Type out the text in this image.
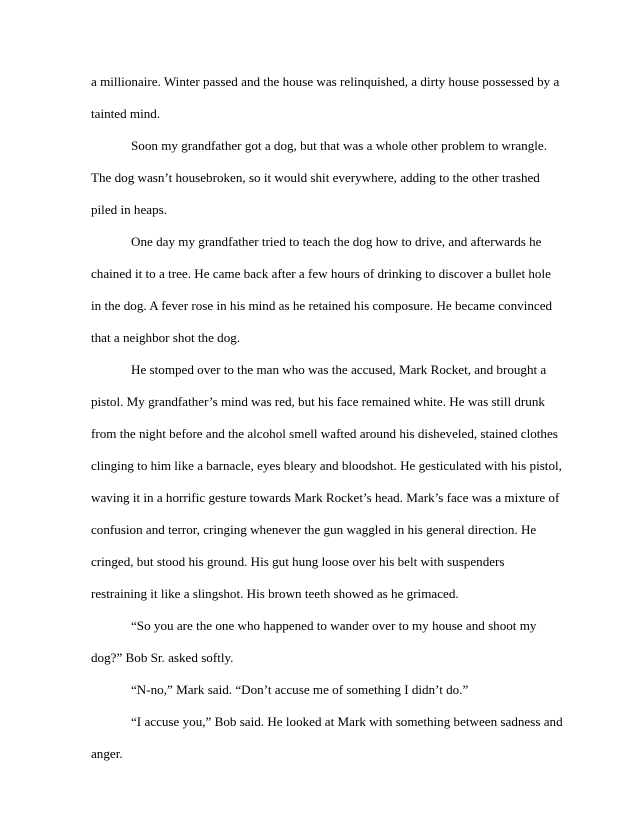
a millionaire. Winter passed and the house was relinquished, a dirty house possessed by a
tainted mind.
Soon my grandfather got a dog, but that was a whole other problem to wrangle.
The dog wasn’t housebroken, so it would shit everywhere, adding to the other trashed
piled in heaps.
One day my grandfather tried to teach the dog how to drive, and afterwards he
chained it to a tree. He came back after a few hours of drinking to discover a bullet hole
in the dog. A fever rose in his mind as he retained his composure. He became convinced
that a neighbor shot the dog.
He stomped over to the man who was the accused, Mark Rocket, and brought a
pistol. My grandfather’s mind was red, but his face remained white. He was still drunk
from the night before and the alcohol smell wafted around his disheveled, stained clothes
clinging to him like a barnacle, eyes bleary and bloodshot. He gesticulated with his pistol,
waving it in a horrific gesture towards Mark Rocket’s head. Mark’s face was a mixture of
confusion and terror, cringing whenever the gun waggled in his general direction. He
cringed, but stood his ground. His gut hung loose over his belt with suspenders
restraining it like a slingshot. His brown teeth showed as he grimaced.
“So you are the one who happened to wander over to my house and shoot my
dog?” Bob Sr. asked softly.
“N-no,” Mark said. “Don’t accuse me of something I didn’t do.”
“I accuse you,” Bob said. He looked at Mark with something between sadness and
anger.
